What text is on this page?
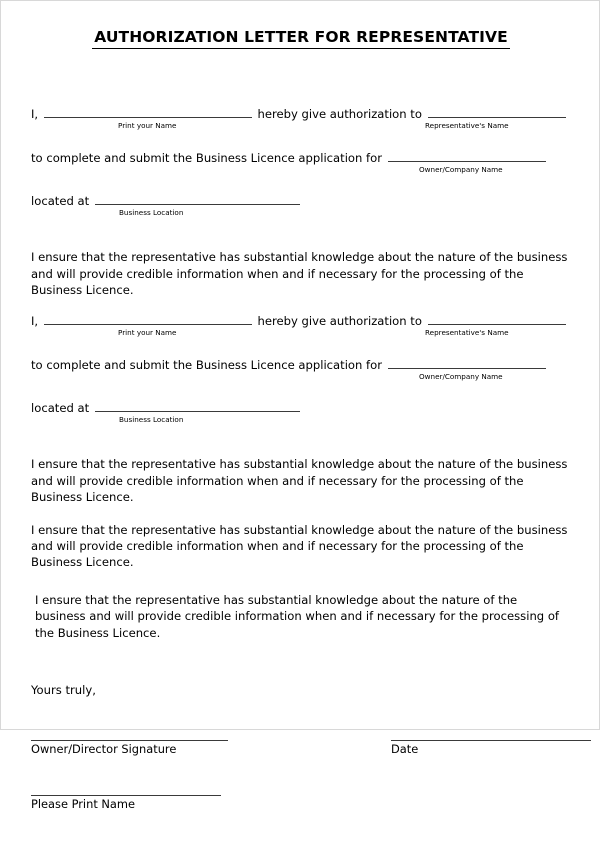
AUTHORIZATION LETTER FOR REPRESENTATIVE
I,	hereby give authorization to
Print your Name	Representative's Name
to complete and submit the Business Licence application for
Owner/Company Name
located at
Business Location
I ensure that the representative has substantial knowledge about the nature of the business and will provide credible information when and if necessary for the processing of the Business Licence.
I,	hereby give authorization to
Print your Name	Representative's Name
to complete and submit the Business Licence application for
Owner/Company Name
located at
Business Location
I ensure that the representative has substantial knowledge about the nature of the business and will provide credible information when and if necessary for the processing of the Business Licence.
I ensure that the representative has substantial knowledge about the nature of the business and will provide credible information when and if necessary for the processing of the Business Licence.
I ensure that the representative has substantial knowledge about the nature of the business and will provide credible information when and if necessary for the processing of the Business Licence.
Yours truly,
Owner/Director Signature	Date
Please Print Name
